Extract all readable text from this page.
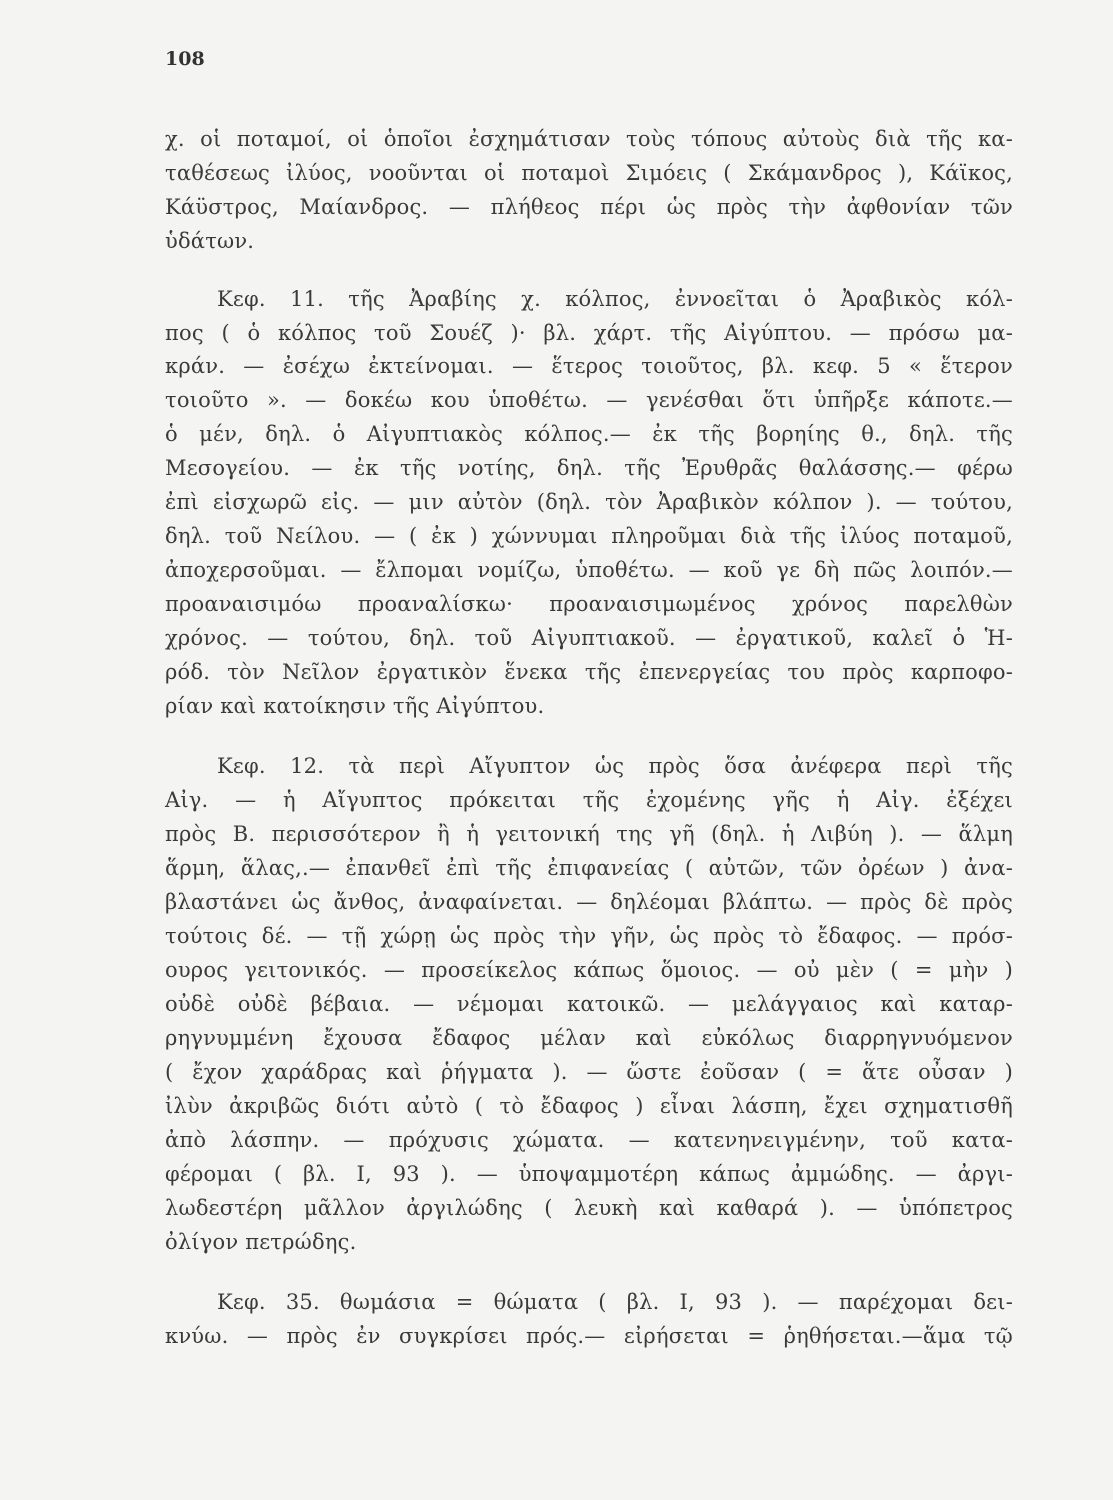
108
χ. οἱ ποταμοί, οἱ ὁποῖοι ἐσχημάτισαν τοὺς τόπους αὐτοὺς διὰ τῆς κα-
ταθέσεως ἰλύος, νοοῦνται οἱ ποταμοὶ Σιμόεις ( Σκάμανδρος ), Κάϊκος,
Κάϋστρος, Μαίανδρος. — πλήθεος πέρι ὡς πρὸς τὴν ἀφθονίαν τῶν
ὑδάτων.
Κεφ. 11. τῆς Ἀραβίης χ. κόλπος, ἐννοεῖται ὁ Ἀραβικὸς κόλ-
πος ( ὁ κόλπος τοῦ Σουέζ )· βλ. χάρτ. τῆς Αἰγύπτου. — πρόσω μα-
κράν. — ἐσέχω ἐκτείνομαι. — ἕτερος τοιοῦτος, βλ. κεφ. 5 « ἕτερον
τοιοῦτο ». — δοκέω κου ὑποθέτω. — γενέσθαι ὅτι ὑπῆρξε κάποτε.—
ὁ μέν, δηλ. ὁ Αἰγυπτιακὸς κόλπος.— ἐκ τῆς βορηίης θ., δηλ. τῆς
Μεσογείου. — ἐκ τῆς νοτίης, δηλ. τῆς Ἐρυθρᾶς θαλάσσης.— φέρω
ἐπὶ εἰσχωρῶ εἰς. — μιν αὐτὸν (δηλ. τὸν Ἀραβικὸν κόλπον ). — τούτου,
δηλ. τοῦ Νείλου. — ( ἐκ ) χώννυμαι πληροῦμαι διὰ τῆς ἰλύος ποταμοῦ,
ἀποχερσοῦμαι. — ἔλπομαι νομίζω, ὑποθέτω. — κοῦ γε δὴ πῶς λοιπόν.—
προαναισιμόω προαναλίσκω· προαναισιμωμένος χρόνος παρελθὼν
χρόνος. — τούτου, δηλ. τοῦ Αἰγυπτιακοῦ. — ἐργατικοῦ, καλεῖ ὁ Ἡ-
ρόδ. τὸν Νεῖλον ἐργατικὸν ἕνεκα τῆς ἐπενεργείας του πρὸς καρποφο-
ρίαν καὶ κατοίκησιν τῆς Αἰγύπτου.
Κεφ. 12. τὰ περὶ Αἴγυπτον ὡς πρὸς ὅσα ἀνέφερα περὶ τῆς
Αἰγ. — ἡ Αἴγυπτος πρόκειται τῆς ἐχομένης γῆς ἡ Αἰγ. ἐξέχει
πρὸς Β. περισσότερον ἢ ἡ γειτονική της γῆ (δηλ. ἡ Λιβύη ). — ἅλμη
ἅρμη, ἅλας,.— ἐπανθεῖ ἐπὶ τῆς ἐπιφανείας ( αὐτῶν, τῶν ὀρέων ) ἀνα-
βλαστάνει ὡς ἄνθος, ἀναφαίνεται. — δηλέομαι βλάπτω. — πρὸς δὲ πρὸς
τούτοις δέ. — τῇ χώρῃ ὡς πρὸς τὴν γῆν, ὡς πρὸς τὸ ἔδαφος. — πρόσ-
ουρος γειτονικός. — προσείκελος κάπως ὅμοιος. — οὐ μὲν ( = μὴν )
οὐδὲ οὐδὲ βέβαια. — νέμομαι κατοικῶ. — μελάγγαιος καὶ καταρ-
ρηγνυμμένη ἔχουσα ἔδαφος μέλαν καὶ εὐκόλως διαρρηγνυόμενον
( ἔχον χαράδρας καὶ ῥήγματα ). — ὥστε ἐοῦσαν ( = ἅτε οὖσαν )
ἰλὺν ἀκριβῶς διότι αὐτὸ ( τὸ ἔδαφος ) εἶναι λάσπη, ἔχει σχηματισθῆ
ἀπὸ λάσπην. — πρόχυσις χώματα. — κατενηνειγμένην, τοῦ κατα-
φέρομαι ( βλ. Ι, 93 ). — ὑποψαμμοτέρη κάπως ἀμμώδης. — ἀργι-
λωδεστέρη μᾶλλον ἀργιλώδης ( λευκὴ καὶ καθαρά ). — ὑπόπετρος
ὀλίγον πετρώδης.
Κεφ. 35. θωμάσια = θώματα ( βλ. Ι, 93 ). — παρέχομαι δει-
κνύω. — πρὸς ἐν συγκρίσει πρός.— εἰρήσεται = ῥηθήσεται.—ἅμα τῷ
